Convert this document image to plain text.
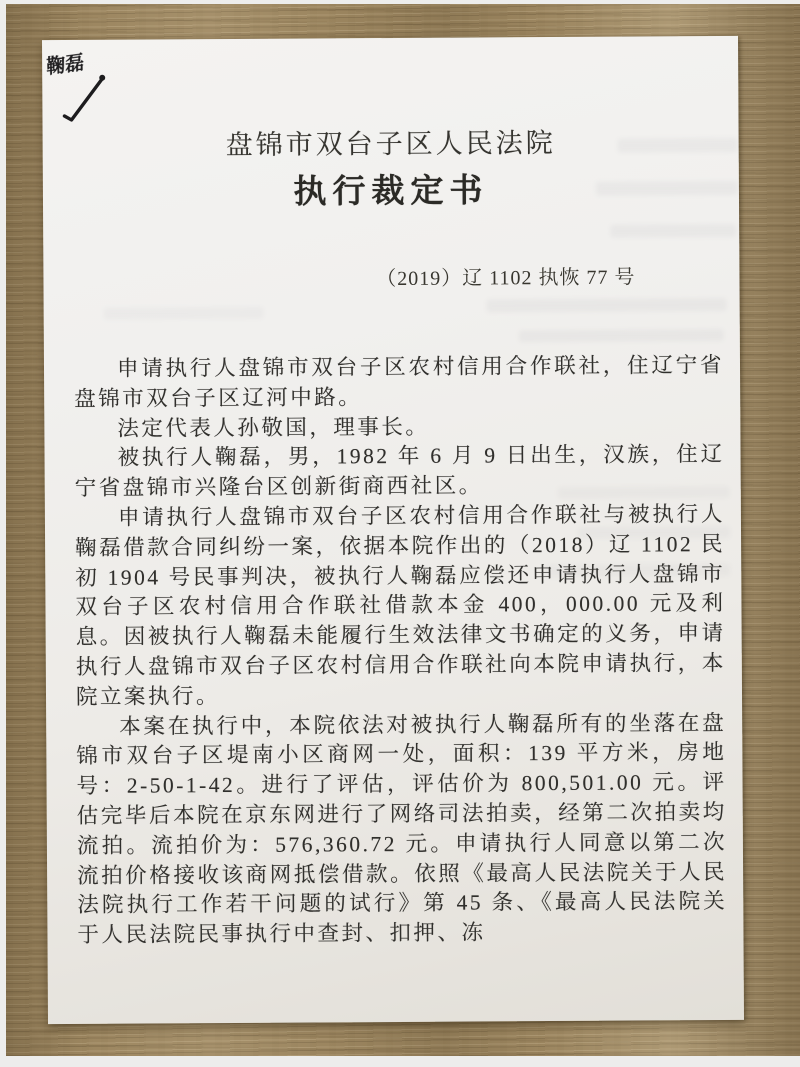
鞠磊
盘锦市双台子区人民法院
执行裁定书
（2019）辽 1102 执恢 77 号

申请执行人盘锦市双台子区农村信用合作联社，住辽宁省盘锦市双台子区辽河中路。

法定代表人孙敬国，理事长。

被执行人鞠磊，男，1982 年 6 月 9 日出生，汉族，住辽宁省盘锦市兴隆台区创新街商西社区。

申请执行人盘锦市双台子区农村信用合作联社与被执行人鞠磊借款合同纠纷一案，依据本院作出的（2018）辽 1102 民初 1904 号民事判决，被执行人鞠磊应偿还申请执行人盘锦市双台子区农村信用合作联社借款本金 400，000.00 元及利息。因被执行人鞠磊未能履行生效法律文书确定的义务，申请执行人盘锦市双台子区农村信用合作联社向本院申请执行，本院立案执行。

本案在执行中，本院依法对被执行人鞠磊所有的坐落在盘锦市双台子区堤南小区商网一处，面积：139 平方米，房地号：2-50-1-42。进行了评估，评估价为 800,501.00 元。评估完毕后本院在京东网进行了网络司法拍卖，经第二次拍卖均流拍。流拍价为：576,360.72 元。申请执行人同意以第二次流拍价格接收该商网抵偿借款。依照《最高人民法院关于人民法院执行工作若干问题的试行》第 45 条、《最高人民法院关于人民法院民事执行中查封、扣押、冻
